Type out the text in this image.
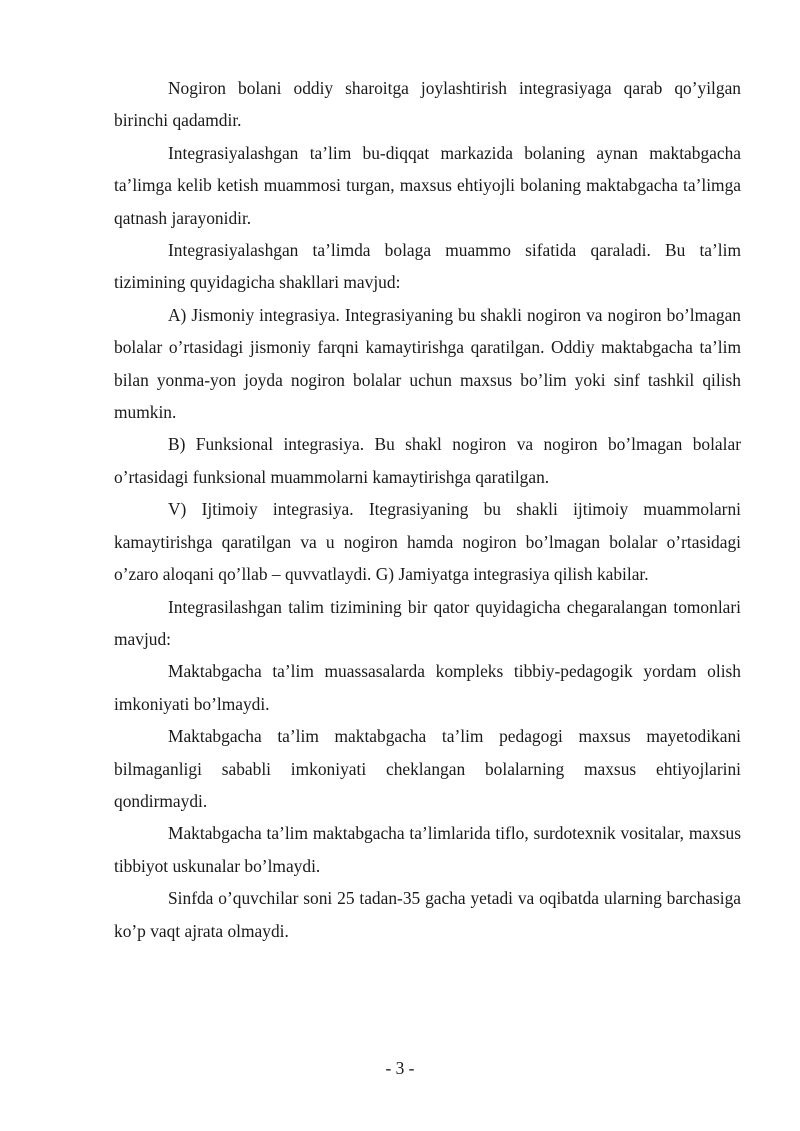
Nogiron bolani oddiy sharoitga joylashtirish integrasiyaga qarab qo’yilgan birinchi qadamdir.

Integrasiyalashgan ta’lim bu-diqqat markazida bolaning aynan maktabgacha ta’limga kelib ketish muammosi turgan, maxsus ehtiyojli bolaning maktabgacha ta’limga qatnash jarayonidir.

Integrasiyalashgan ta’limda bolaga muammo sifatida qaraladi. Bu ta’lim tizimining quyidagicha shakllari mavjud:

A) Jismoniy integrasiya. Integrasiyaning bu shakli nogiron va nogiron bo’lmagan bolalar o’rtasidagi jismoniy farqni kamaytirishga qaratilgan. Oddiy maktabgacha ta’lim bilan yonma-yon joyda nogiron bolalar uchun maxsus bo’lim yoki sinf tashkil qilish mumkin.

B) Funksional integrasiya. Bu shakl nogiron va nogiron bo’lmagan bolalar o’rtasidagi funksional muammolarni kamaytirishga qaratilgan.

V) Ijtimoiy integrasiya. Itegrasiyaning bu shakli ijtimoiy muammolarni kamaytirishga qaratilgan va u nogiron hamda nogiron bo’lmagan bolalar o’rtasidagi o’zaro aloqani qo’llab – quvvatlaydi. G) Jamiyatga integrasiya qilish kabilar.

Integrasilashgan talim tizimining bir qator quyidagicha chegaralangan tomonlari mavjud:

Maktabgacha ta’lim muassasalarda kompleks tibbiy-pedagogik yordam olish imkoniyati bo’lmaydi.

Maktabgacha ta’lim maktabgacha ta’lim pedagogi maxsus mayetodikani bilmaganligi sababli imkoniyati cheklangan bolalarning maxsus ehtiyojlarini qondirmaydi.

Maktabgacha ta’lim maktabgacha ta’limlarida tiflo, surdotexnik vositalar, maxsus tibbiyot uskunalar bo’lmaydi.

Sinfda o’quvchilar soni 25 tadan-35 gacha yetadi va oqibatda ularning barchasiga ko’p vaqt ajrata olmaydi.

- 3 -
